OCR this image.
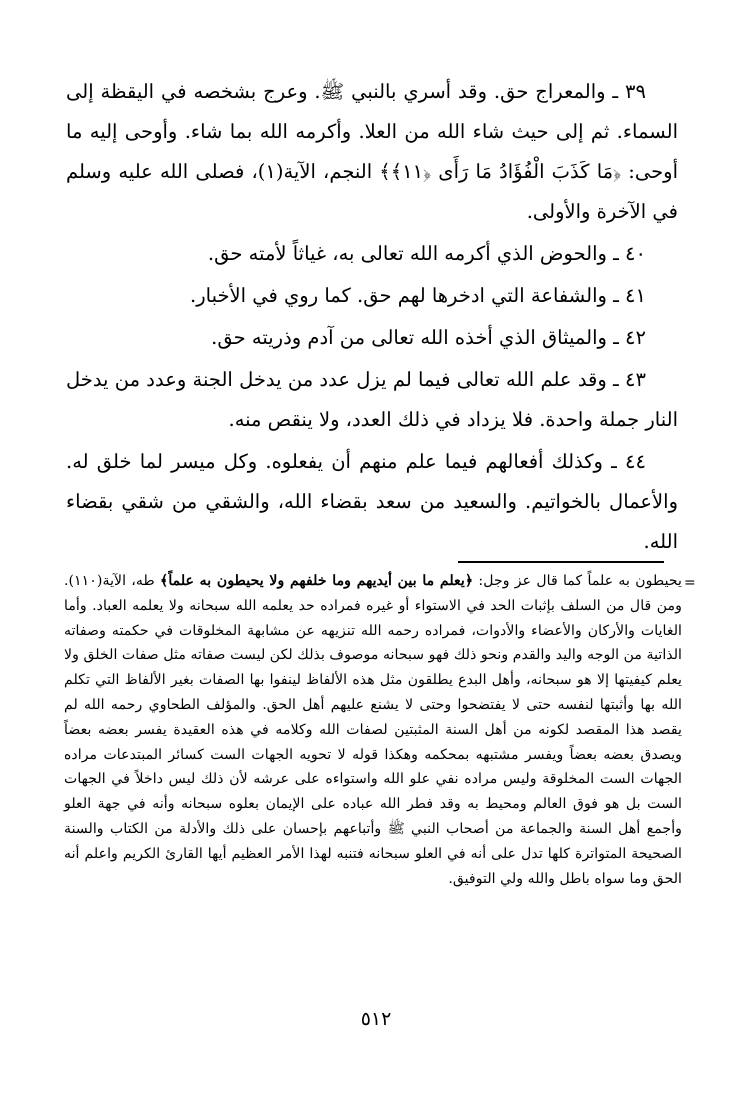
٣٩ ـ والمعراج حق. وقد أسري بالنبي ﷺ. وعرج بشخصه في اليقظة إلى السماء. ثم إلى حيث شاء الله من العلا. وأكرمه الله بما شاء. وأوحى إليه ما أوحى: ﴿مَا كَذَبَ الْفُؤَادُ مَا رَأَى ﴿١١﴾﴾ النجم، الآية(١)، فصلى الله عليه وسلم في الآخرة والأولى.

٤٠ ـ والحوض الذي أكرمه الله تعالى به، غياثاً لأمته حق.

٤١ ـ والشفاعة التي ادخرها لهم حق. كما روي في الأخبار.

٤٢ ـ والميثاق الذي أخذه الله تعالى من آدم وذريته حق.

٤٣ ـ وقد علم الله تعالى فيما لم يزل عدد من يدخل الجنة وعدد من يدخل النار جملة واحدة. فلا يزداد في ذلك العدد، ولا ينقص منه.

٤٤ ـ وكذلك أفعالهم فيما علم منهم أن يفعلوه. وكل ميسر لما خلق له. والأعمال بالخواتيم. والسعيد من سعد بقضاء الله، والشقي من شقي بقضاء الله.

=
يحيطون به علماً كما قال عز وجل: ﴿يعلم ما بين أيديهم وما خلفهم ولا يحيطون به علماً﴾ طه، الآية(١١٠). ومن قال من السلف بإثبات الحد في الاستواء أو غيره فمراده حد يعلمه الله سبحانه ولا يعلمه العباد. وأما الغايات والأركان والأعضاء والأدوات، فمراده رحمه الله تنزيهه عن مشابهة المخلوقات في حكمته وصفاته الذاتية من الوجه واليد والقدم ونحو ذلك فهو سبحانه موصوف بذلك لكن ليست صفاته مثل صفات الخلق ولا يعلم كيفيتها إلا هو سبحانه، وأهل البدع يطلقون مثل هذه الألفاظ لينفوا بها الصفات بغير الألفاظ التي تكلم الله بها وأثبتها لنفسه حتى لا يفتضحوا وحتى لا يشنع عليهم أهل الحق. والمؤلف الطحاوي رحمه الله لم يقصد هذا المقصد لكونه من أهل السنة المثبتين لصفات الله وكلامه في هذه العقيدة يفسر بعضه بعضاً ويصدق بعضه بعضاً ويفسر مشتبهه بمحكمه وهكذا قوله لا تحويه الجهات الست كسائر المبتدعات مراده الجهات الست المخلوقة وليس مراده نفي علو الله واستواءه على عرشه لأن ذلك ليس داخلاً في الجهات الست بل هو فوق العالم ومحيط به وقد فطر الله عباده على الإيمان بعلوه سبحانه وأنه في جهة العلو وأجمع أهل السنة والجماعة من أصحاب النبي ﷺ وأتباعهم بإحسان على ذلك والأدلة من الكتاب والسنة الصحيحة المتواترة كلها تدل على أنه في العلو سبحانه فتنبه لهذا الأمر العظيم أيها القارئ الكريم واعلم أنه الحق وما سواه باطل والله ولي التوفيق.
٥١٢
